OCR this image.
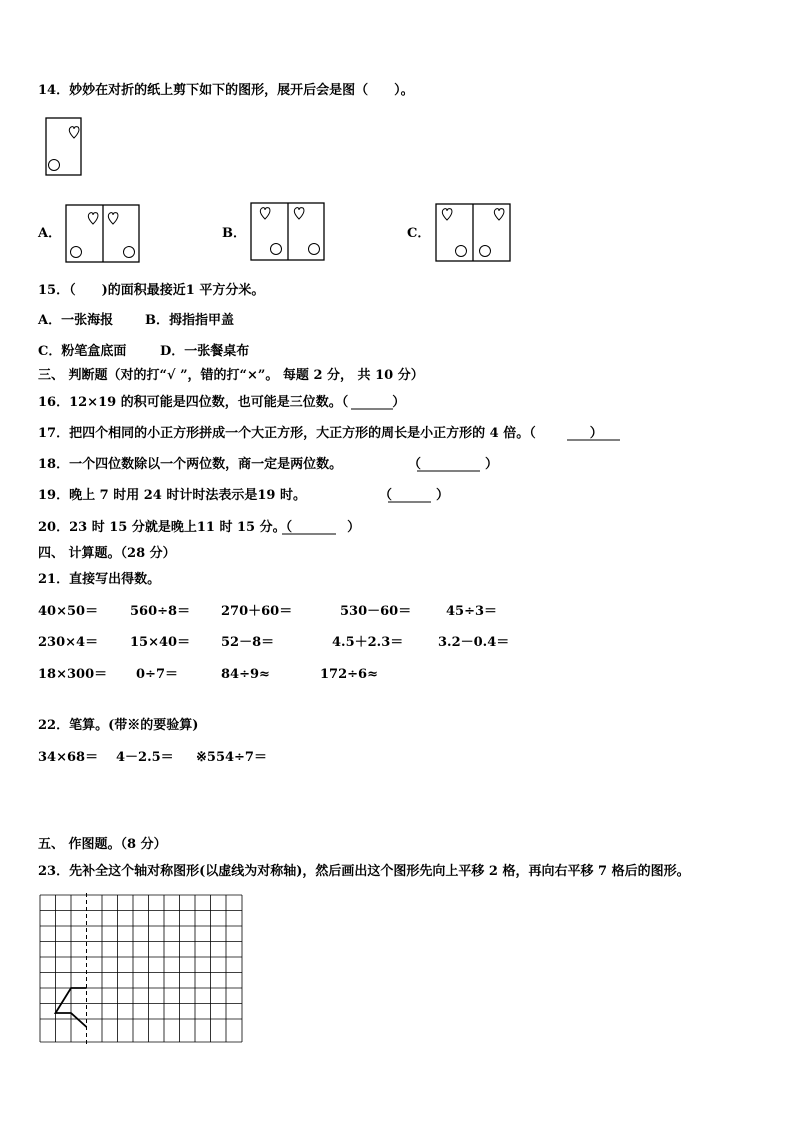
14．妙妙在对折的纸上剪下如下的图形，展开后会是图（　　）。
A．	B．	C．
15．（　　)的面积最接近1 平方分米。
A．一张海报 B．拇指指甲盖
C．粉笔盒底面	D．一张餐桌布
三、 判断题（对的打“√ ”，错的打“×”。 每题 2 分， 共 10 分）
16．12×19 的积可能是四位数，也可能是三位数。（	）
17．把四个相同的小正方形拼成一个大正方形，大正方形的周长是小正方形的 4 倍。（	）
18．一个四位数除以一个两位数，商一定是两位数。	（	）
19．晚上 7 时用 24 时计时法表示是19 时。	（	）
20．23 时 15 分就是晚上11 时 15 分。（	）
四、 计算题。（28 分）
21．直接写出得数。
40×50＝ 560÷8＝ 270＋60＝	530－60＝	45÷3＝
230×4＝ 15×40＝ 52－8＝	4.5＋2.3＝	3.2－0.4＝
18×300＝ 0÷7＝	84÷9≈	172÷6≈
22．笔算。(带※的要验算)
34×68＝ 4－2.5＝ ※554÷7＝
五、 作图题。（8 分）
23．先补全这个轴对称图形(以虚线为对称轴)，然后画出这个图形先向上平移 2 格，再向右平移 7 格后的图形。
